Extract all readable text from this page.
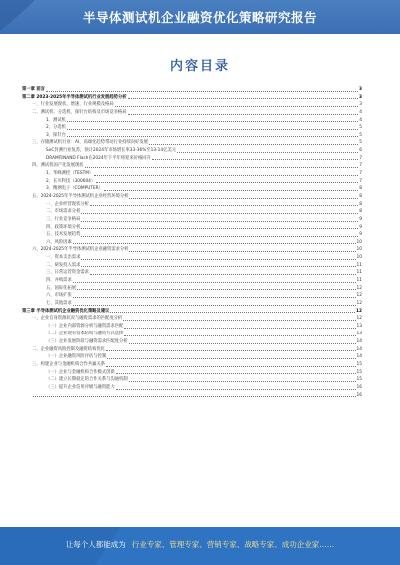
半导体测试机企业融资优化策略研究报告
内容目录
第一章 前言	3
第二章 2023-2025年半导体测试机行业发展趋势分析	3
一、行业发展现状、增速、行业规模及格局	3
二、测试机、分选机、探针台结构及市场竞争格局	4
1、测试机	4
2、分选机	5
3、探针台	5
三、存储测试机行业：AI、高端化趋势带动行业持续向好发展	5
SoC封测行业复苏，预计2024年市场增长率33-36%至13-14亿美元	6
DRAM和NAND Flash在2024年下半年将迎来价格回升	7
四、测试机国产化发展现状	7
1、华峰测控（TESTM）	7
2、长川科技（300604）	7
3、精测电子（COMPUTER）	8
五、2024-2025年半导体测试机企业经营环境分析	8
一、企业经营现状分析	8
二、市场需求分析	8
三、行业竞争格局	9
四、政策环境分析	9
五、技术发展趋势	9
六、风险因素	10
六、2024-2025年半导体测试机企业融资需求分析	10
一、资本支出需求	10
二、研发投入需求	11
三、日常运营资金需求	11
四、并购需求	11
五、国际化拓展	12
六、市场扩张	12
七、其他需求	12
第三章 半导体测试机企业融资优化策略及建议	12
一、企业自身资源状况与融资需求的匹配度分析	12
（一）企业内部资源分析与融资需求匹配	13
（二）企业现有资本结构与融资方式选择	13
（三）企业发展阶段与融资需求匹配度分析	14
二、企业融资风险控制及融资结构优化	14
（一）企业融资风险评估与控制	14
三、构建企业与金融机构合作共赢关系	15
（一）企业与金融机构合作模式创新	15
（二）建立长期稳定的合作关系与沟通机制	15
（三）提升企业信用评级与融资能力	16
16
让每个人都能成为 行业专家、管理专家、营销专家、战略专家、成功企业家……
